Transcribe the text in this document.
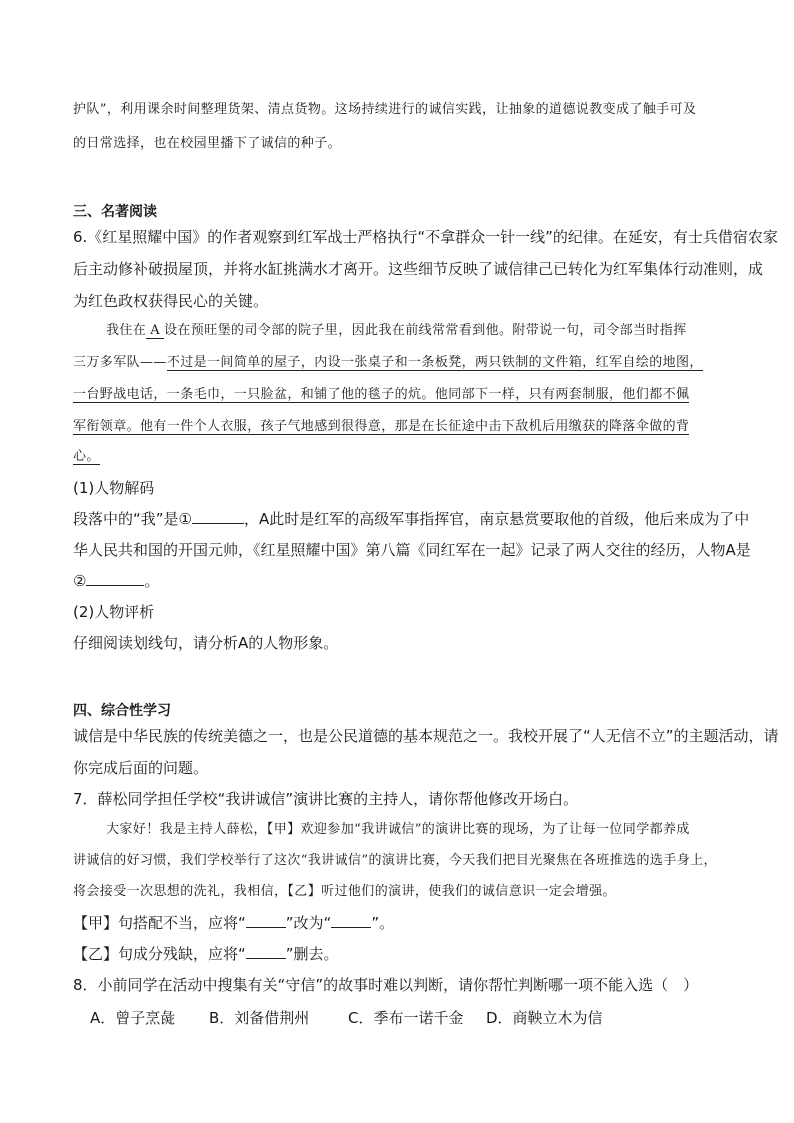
护队”，利用课余时间整理货架、清点货物。这场持续进行的诚信实践，让抽象的道德说教变成了触手可及
的日常选择，也在校园里播下了诚信的种子。
三、名著阅读
6.《红星照耀中国》的作者观察到红军战士严格执行“不拿群众一针一线”的纪律。在延安，有士兵借宿农家
后主动修补破损屋顶，并将水缸挑满水才离开。这些细节反映了诚信律己已转化为红军集体行动准则，成
为红色政权获得民心的关键。
我住在 A 设在预旺堡的司令部的院子里，因此我在前线常常看到他。附带说一句，司令部当时指挥
三万多军队——不过是一间简单的屋子，内设一张桌子和一条板凳，两只铁制的文件箱，红军自绘的地图，
一台野战电话，一条毛巾，一只脸盆，和铺了他的毯子的炕。他同部下一样，只有两套制服，他们都不佩
军衔领章。他有一件个人衣服，孩子气地感到很得意，那是在长征途中击下敌机后用缴获的降落伞做的背
心。
(1)人物解码
段落中的“我”是①	，A此时是红军的高级军事指挥官，南京悬赏要取他的首级，他后来成为了中
华人民共和国的开国元帅，《红星照耀中国》第八篇《同红军在一起》记录了两人交往的经历，人物A是
②	。
(2)人物评析
仔细阅读划线句，请分析A的人物形象。
四、综合性学习
诚信是中华民族的传统美德之一，也是公民道德的基本规范之一。我校开展了“人无信不立”的主题活动，请
你完成后面的问题。
7．薛松同学担任学校“我讲诚信”演讲比赛的主持人，请你帮他修改开场白。
大家好！我是主持人薛松，【甲】欢迎参加“我讲诚信”的演讲比赛的现场，为了让每一位同学都养成
讲诚信的好习惯，我们学校举行了这次“我讲诚信”的演讲比赛，今天我们把目光聚焦在各班推选的选手身上，
将会接受一次思想的洗礼，我相信，【乙】听过他们的演讲，使我们的诚信意识一定会增强。
【甲】句搭配不当，应将“	”改为“	”。
【乙】句成分残缺，应将“	”删去。
8．小前同学在活动中搜集有关“守信”的故事时难以判断，请你帮忙判断哪一项不能入选（　）
A．曾子烹彘 B．刘备借荆州	C．季布一诺千金 D．商鞅立木为信
